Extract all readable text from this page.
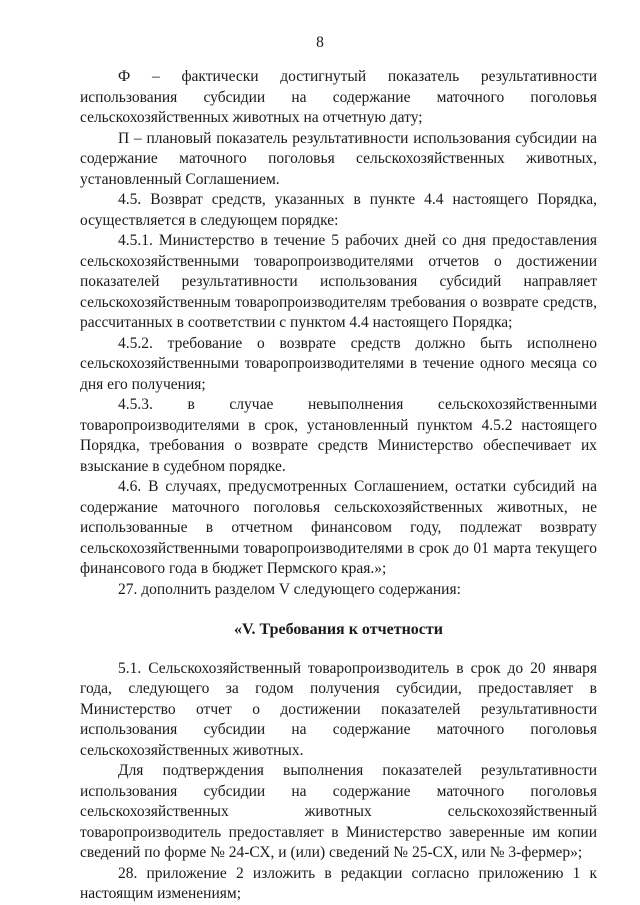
8

Ф – фактически достигнутый показатель результативности использования субсидии на содержание маточного поголовья сельскохозяйственных животных на отчетную дату;

П – плановый показатель результативности использования субсидии на содержание маточного поголовья сельскохозяйственных животных, установленный Соглашением.

4.5. Возврат средств, указанных в пункте 4.4 настоящего Порядка, осуществляется в следующем порядке:

4.5.1. Министерство в течение 5 рабочих дней со дня предоставления сельскохозяйственными товаропроизводителями отчетов о достижении показателей результативности использования субсидий направляет сельскохозяйственным товаропроизводителям требования о возврате средств, рассчитанных в соответствии с пунктом 4.4 настоящего Порядка;

4.5.2. требование о возврате средств должно быть исполнено сельскохозяйственными товаропроизводителями в течение одного месяца со дня его получения;

4.5.3. в случае невыполнения сельскохозяйственными товаропроизводителями в срок, установленный пунктом 4.5.2 настоящего Порядка, требования о возврате средств Министерство обеспечивает их взыскание в судебном порядке.

4.6. В случаях, предусмотренных Соглашением, остатки субсидий на содержание маточного поголовья сельскохозяйственных животных, не использованные в отчетном финансовом году, подлежат возврату сельскохозяйственными товаропроизводителями в срок до 01 марта текущего финансового года в бюджет Пермского края.»;

27. дополнить разделом V следующего содержания:

«V. Требования к отчетности

5.1. Сельскохозяйственный товаропроизводитель в срок до 20 января года, следующего за годом получения субсидии, предоставляет в Министерство отчет о достижении показателей результативности использования субсидии на содержание маточного поголовья сельскохозяйственных животных.

Для подтверждения выполнения показателей результативности использования субсидии на содержание маточного поголовья сельскохозяйственных животных сельскохозяйственный товаропроизводитель предоставляет в Министерство заверенные им копии сведений по форме № 24-СХ, и (или) сведений № 25-СХ, или № 3-фермер»;

28. приложение 2 изложить в редакции согласно приложению 1 к настоящим изменениям;
